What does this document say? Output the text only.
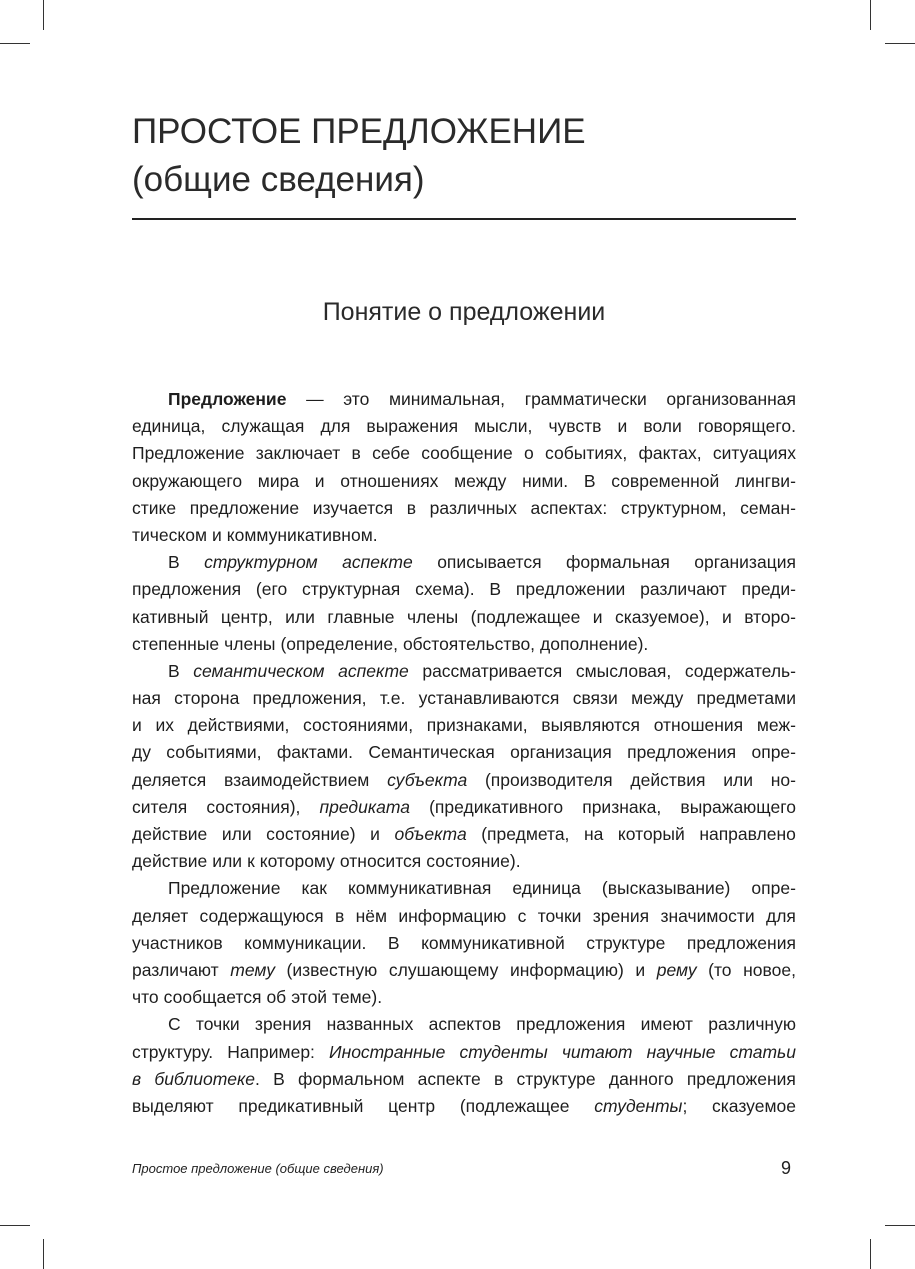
ПРОСТОЕ ПРЕДЛОЖЕНИЕ
(общие сведения)
Понятие о предложении
Предложение — это минимальная, грамматически организованная
единица, служащая для выражения мысли, чувств и воли говорящего.
Предложение заключает в себе сообщение о событиях, фактах, ситуациях
окружающего мира и отношениях между ними. В современной лингви-
стике предложение изучается в различных аспектах: структурном, семан-
тическом и коммуникативном.
В структурном аспекте описывается формальная организация
предложения (его структурная схема). В предложении различают преди-
кативный центр, или главные члены (подлежащее и сказуемое), и второ-
степенные члены (определение, обстоятельство, дополнение).
В семантическом аспекте рассматривается смысловая, содержатель-
ная сторона предложения, т.е. устанавливаются связи между предметами
и их действиями, состояниями, признаками, выявляются отношения меж-
ду событиями, фактами. Семантическая организация предложения опре-
деляется взаимодействием субъекта (производителя действия или но-
сителя состояния), предиката (предикативного признака, выражающего
действие или состояние) и объекта (предмета, на который направлено
действие или к которому относится состояние).
Предложение как коммуникативная единица (высказывание) опре-
деляет содержащуюся в нём информацию с точки зрения значимости для
участников коммуникации. В коммуникативной структуре предложения
различают тему (известную слушающему информацию) и рему (то новое,
что сообщается об этой теме).
С точки зрения названных аспектов предложения имеют различную
структуру. Например: Иностранные студенты читают научные статьи
в библиотеке. В формальном аспекте в структуре данного предложения
выделяют предикативный центр (подлежащее студенты; сказуемое
Простое предложение (общие сведения)	9
